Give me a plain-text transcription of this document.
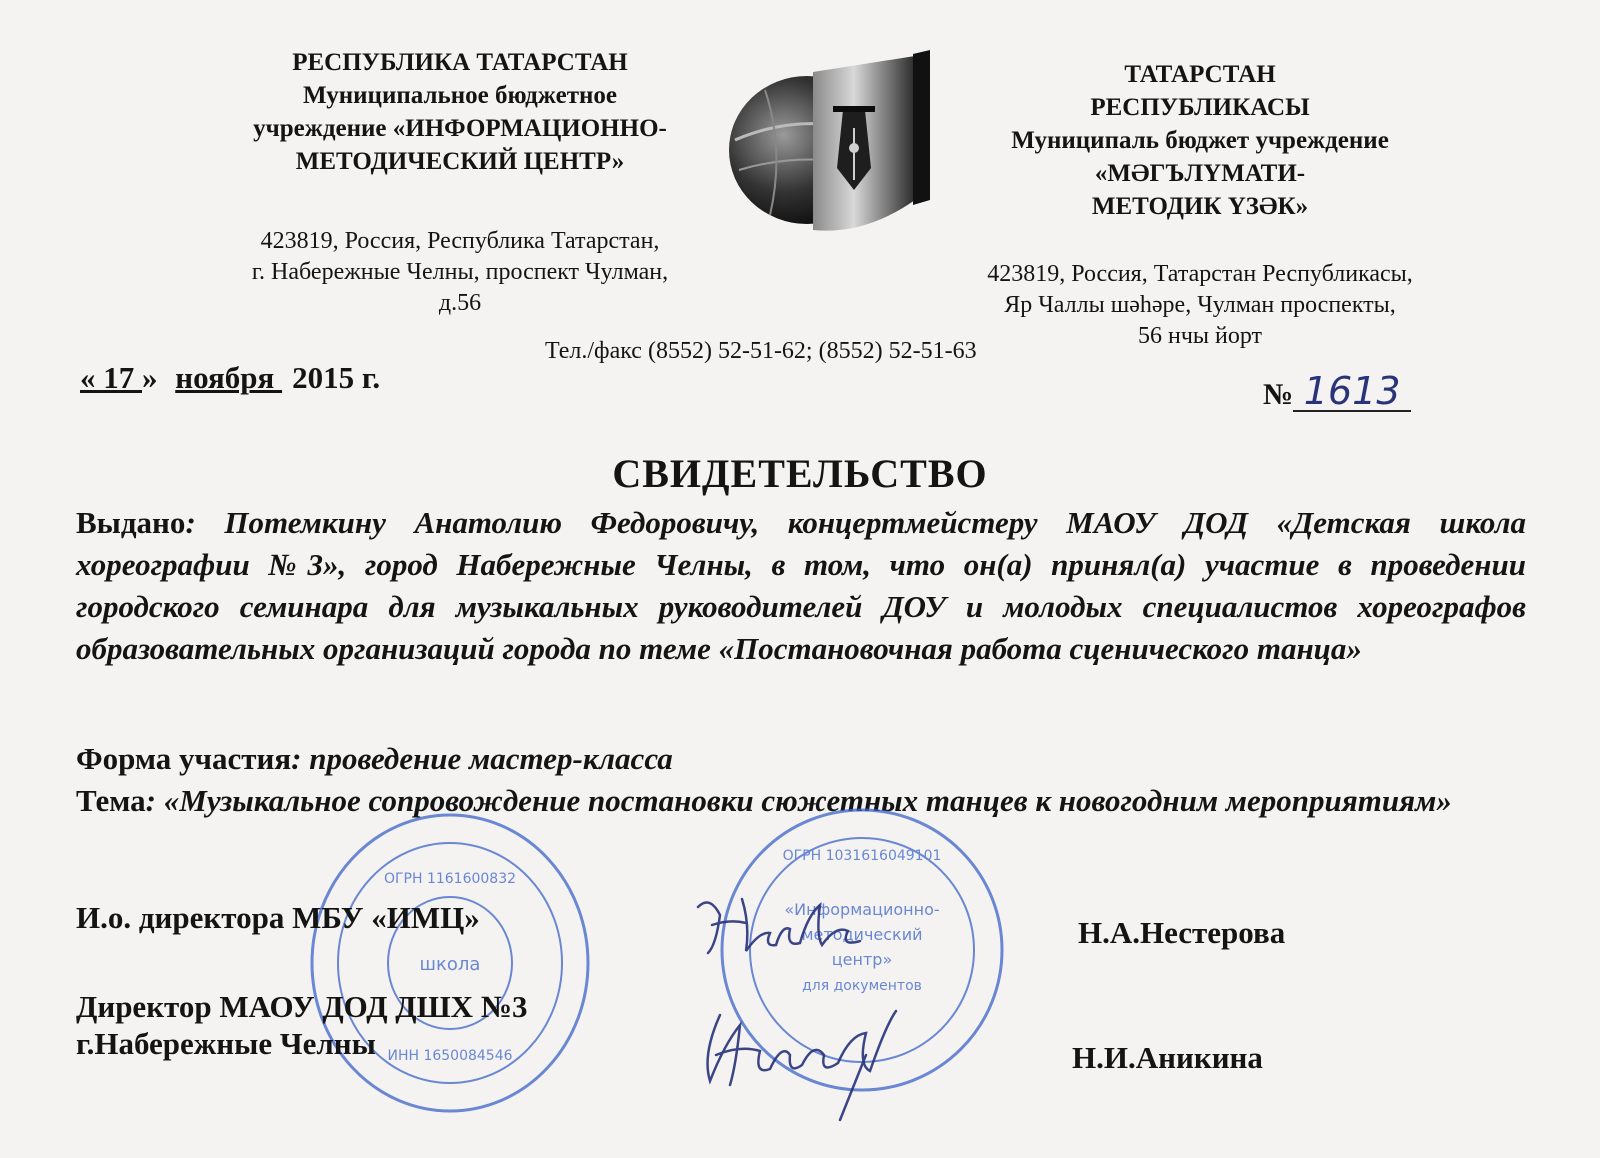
РЕСПУБЛИКА ТАТАРСТАН
Муниципальное бюджетное
учреждение «ИНФОРМАЦИОННО-
МЕТОДИЧЕСКИЙ ЦЕНТР»
423819, Россия, Республика Татарстан,
г. Набережные Челны, проспект Чулман,
д.56
ТАТАРСТАН
РЕСПУБЛИКАСЫ
Муниципаль бюджет учреждение
«МӘГЪЛҮМАТИ-
МЕТОДИК ҮЗӘК»
423819, Россия, Татарстан Республикасы,
Яр Чаллы шәһәре, Чулман проспекты,
56 нчы йорт
Тел./факс (8552) 52-51-62; (8552) 52-51-63
« 17 » ноября 2015 г.	№ 1613
СВИДЕТЕЛЬСТВО
Выдано: Потемкину Анатолию Федоровичу, концертмейстеру МАОУ ДОД «Детская школа хореографии №3», город Набережные Челны, в том, что он(а) принял(а) участие в проведении городского семинара для музыкальных руководителей ДОУ и молодых специалистов хореографов образовательных организаций города по теме «Постановочная работа сценического танца»
Форма участия: проведение мастер-класса
Тема: «Музыкальное сопровождение постановки сюжетных танцев к новогодним мероприятиям»
школа
ОГРН 1161600832
ИНН 1650084546
ОГРН 1031616049101
«Информационно-
методический
центр»
для документов
И.о. директора МБУ «ИМЦ»	Н.А.Нестерова
Директор МАОУ ДОД ДШХ №3
г.Набережные Челны	Н.И.Аникина
